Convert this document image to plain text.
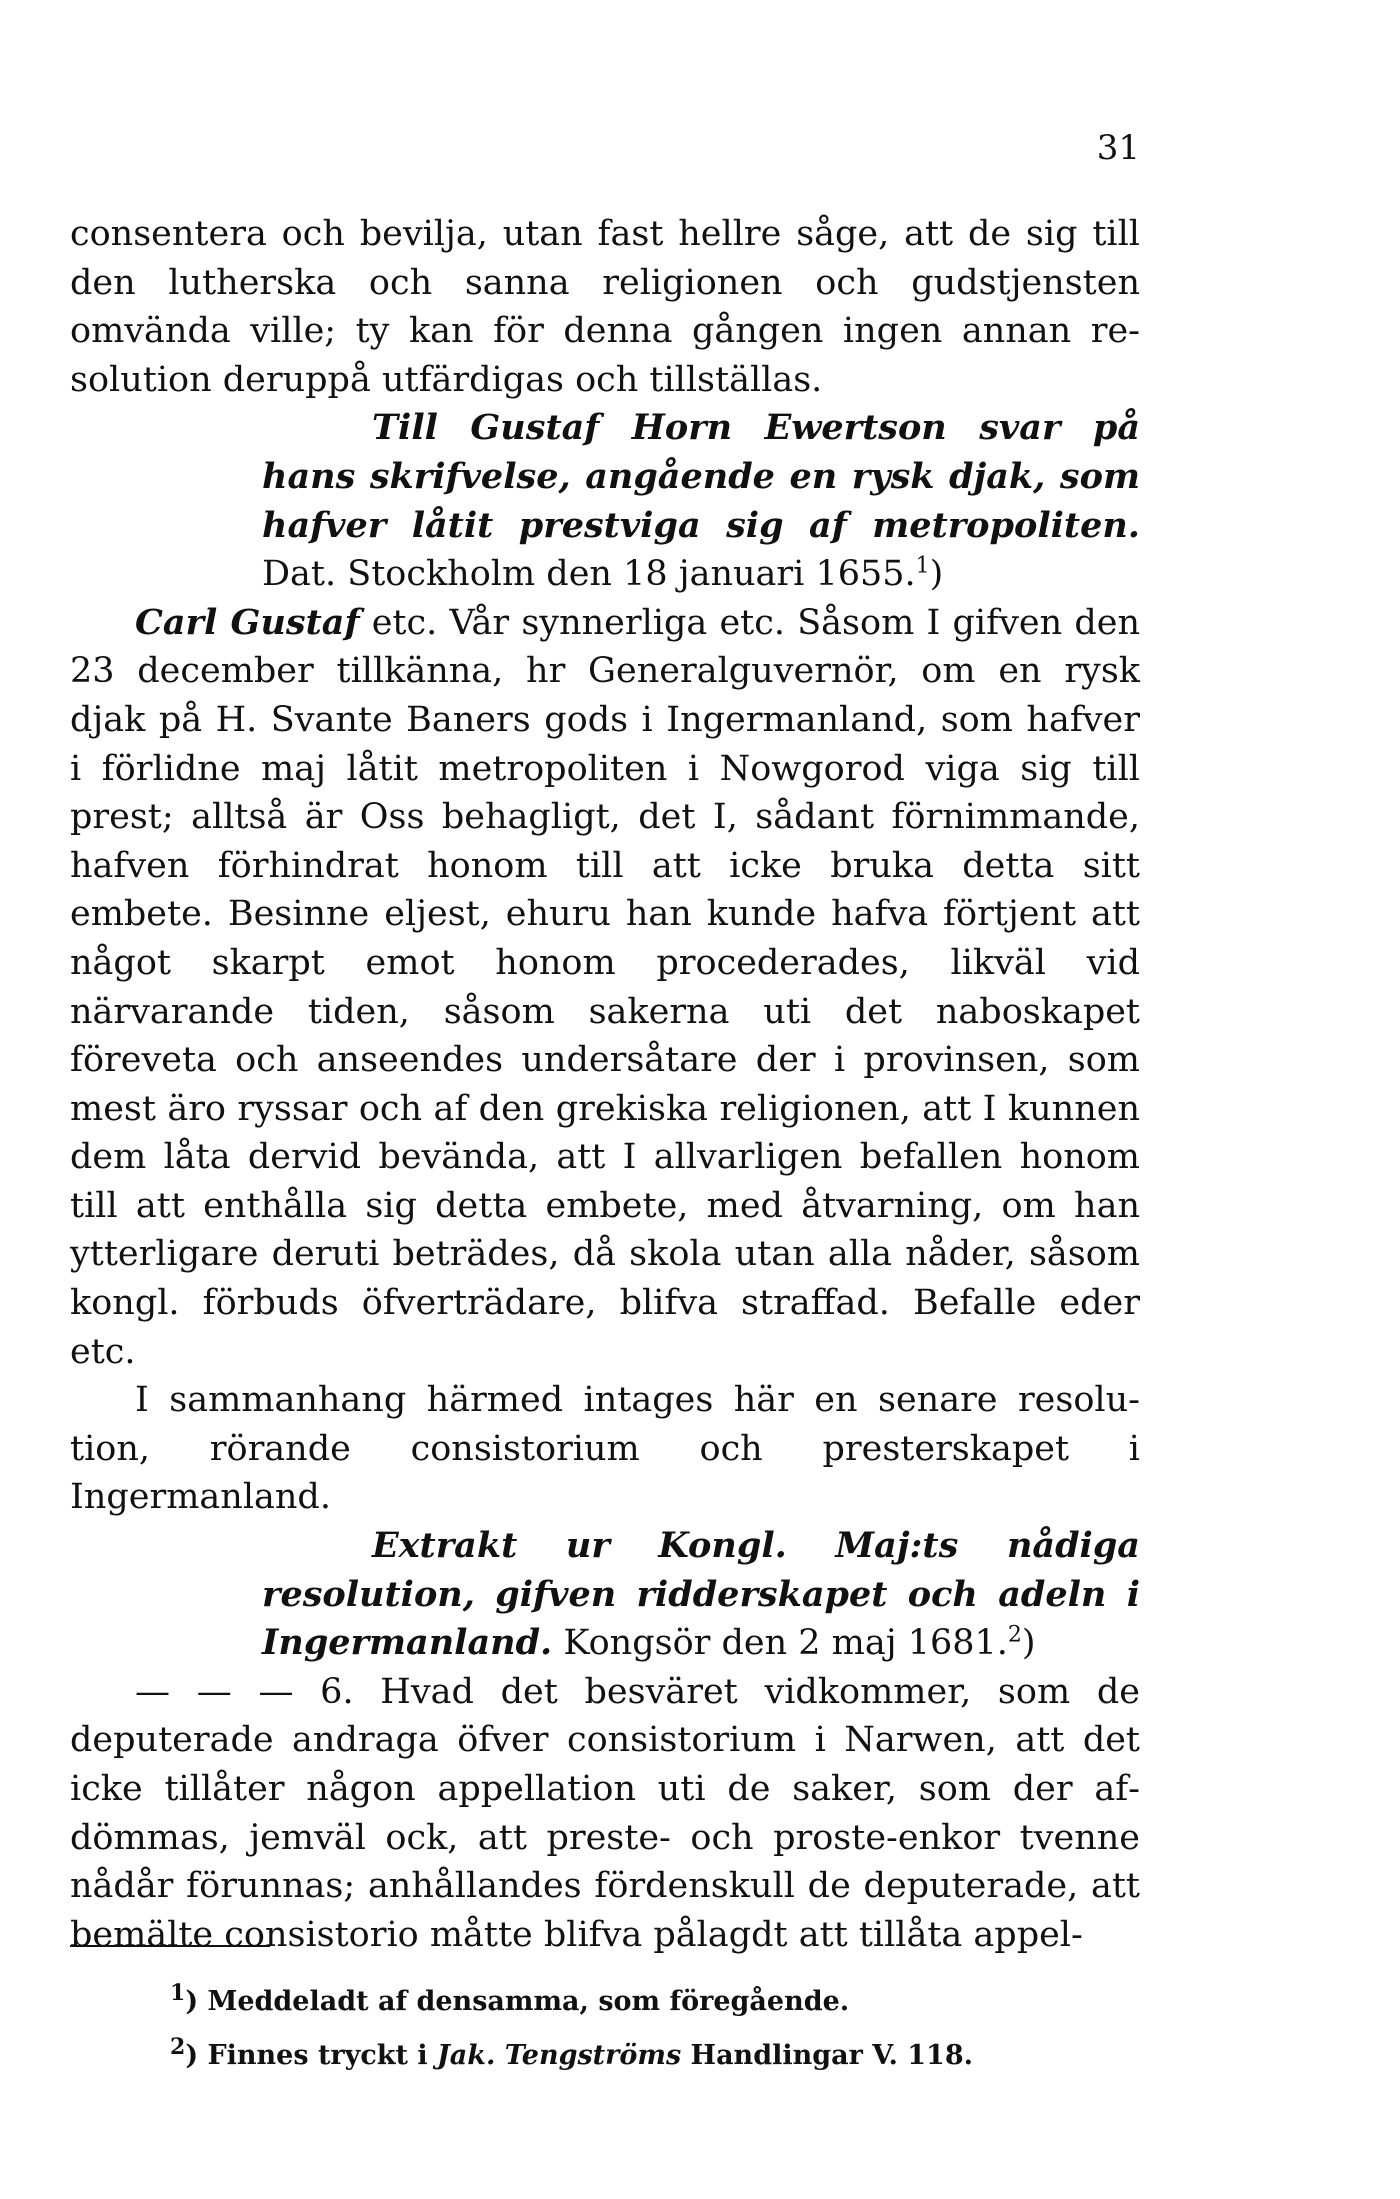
31

consentera och bevilja, utan fast hellre såge, att de sig till den lutherska och sanna religionen och gudstjensten omvända ville; ty kan för denna gången ingen annan resolution deruppå utfärdigas och tillställas.

Till Gustaf Horn Ewertson svar på hans skrifvelse, angående en rysk djak, som hafver låtit prestviga sig af metropoliten. Dat. Stockholm den 18 januari 1655.$^1$)

Carl Gustaf etc. Vår synnerliga etc. Såsom I gifven den 23 december tillkänna, hr Generalguvernör, om en rysk djak på H. Svante Baners gods i Ingermanland, som hafver i förlidne maj låtit metropoliten i Nowgorod viga sig till prest; alltså är Oss behagligt, det I, sådant förnimmande, hafven förhindrat honom till att icke bruka detta sitt embete. Besinne eljest, ehuru han kunde hafva förtjent att något skarpt emot honom procederades, likväl vid närvarande tiden, såsom sakerna uti det naboskapet föreveta och anseendes undersåtare der i provinsen, som mest äro ryssar och af den grekiska religionen, att I kunnen dem låta dervid bevända, att I allvarligen befallen honom till att enthålla sig detta embete, med åtvarning, om han ytterligare deruti beträdes, då skola utan alla nåder, såsom kongl. förbuds öfverträdare, blifva straffad. Befalle eder etc.

I sammanhang härmed intages här en senare resolution, rörande consistorium och presterskapet i Ingermanland.

Extrakt ur Kongl. Maj:ts nådiga resolution, gifven ridderskapet och adeln i Ingermanland. Kongsör den 2 maj 1681.$^2$)

— — — 6. Hvad det besväret vidkommer, som de deputerade andraga öfver consistorium i Narwen, att det icke tillåter någon appellation uti de saker, som der afdömmas, jemväl ock, att preste- och proste-enkor tvenne nådår förunnas; anhållandes fördenskull de deputerade, att bemälte consistorio måtte blifva pålagdt att tillåta appel-

$^1$) Meddeladt af densamma, som föregående.

$^2$) Finnes tryckt i Jak. Tengströms Handlingar V. 118.
